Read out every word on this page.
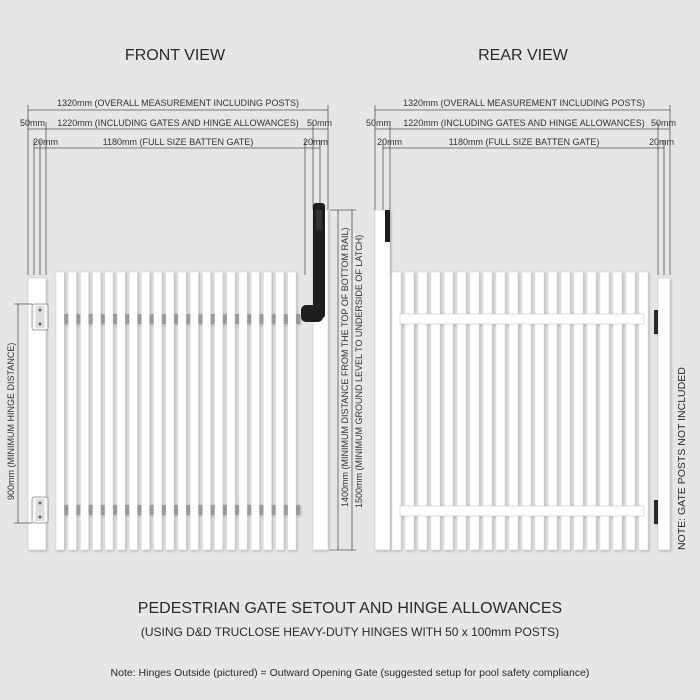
FRONT VIEW	REAR VIEW
1320mm (OVERALL MEASUREMENT INCLUDING POSTS)
50mm 1220mm (INCLUDING GATES AND HINGE ALLOWANCES) 50mm
20mm	1180mm (FULL SIZE BATTEN GATE)	20mm
900mm (MINIMUM HINGE DISTANCE)	1400mm (MINIMUM DISTANCE FROM THE TOP OF BOTTOM RAIL) 1500mm (MINIMUM GROUND LEVEL TO UNDERSIDE OF LATCH)
1320mm (OVERALL MEASUREMENT INCLUDING POSTS)
50mm 1220mm (INCLUDING GATES AND HINGE ALLOWANCES) 50mm
20mm	1180mm (FULL SIZE BATTEN GATE)	20mm
NOTE: GATE POSTS NOT INCLUDED
PEDESTRIAN GATE SETOUT AND HINGE ALLOWANCES
(USING D&D TRUCLOSE HEAVY-DUTY HINGES WITH 50 x 100mm POSTS)
Note: Hinges Outside (pictured) = Outward Opening Gate (suggested setup for pool safety compliance)
